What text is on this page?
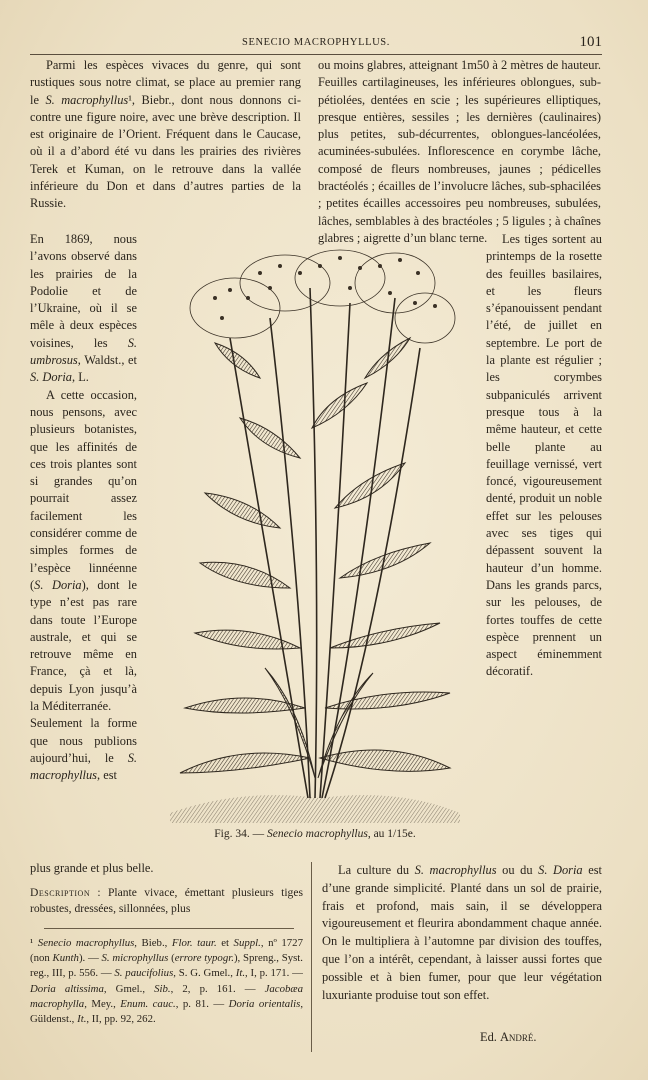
SENECIO MACROPHYLLUS.	101

Parmi les espèces vivaces du genre, qui sont rustiques sous notre climat, se place au premier rang le S. macrophyllus¹, Biebr., dont nous donnons ci-contre une figure noire, avec une brève description. Il est originaire de l’Orient. Fréquent dans le Caucase, où il a d’abord été vu dans les prairies des rivières Terek et Kuman, on le retrouve dans la vallée inférieure du Don et dans d’autres parties de la Russie.

En 1869, nous l’avons observé dans les prairies de la Podolie et de l’Ukraine, où il se mêle à deux espèces voisines, les S. umbrosus, Waldst., et S. Doria, L.

A cette occasion, nous pensons, avec plusieurs botanistes, que les affinités de ces trois plantes sont si grandes qu’on pourrait assez facilement les considérer comme de simples formes de l’espèce linnéenne (S. Doria), dont le type n’est pas rare dans toute l’Europe australe, et qui se retrouve même en France, çà et là, depuis Lyon jusqu’à la Méditerranée.

Seulement la forme que nous publions aujourd’hui, le S. macrophyllus, est

ou moins glabres, atteignant 1m50 à 2 mètres de hauteur. Feuilles cartilagineuses, les inférieures oblongues, sub-pétiolées, dentées en scie ; les supérieures elliptiques, presque entières, sessiles ; les dernières (caulinaires) plus petites, sub-décurrentes, oblongues-lancéolées, acuminées-subulées. Inflorescence en corymbe lâche, composé de fleurs nombreuses, jaunes ; pédicelles bractéolés ; écailles de l’involucre lâches, sub-sphacilées ; petites écailles accessoires peu nombreuses, subulées, lâches, semblables à des bractéoles ; 5 ligules ; à chaînes glabres ; aigrette d’un blanc terne.	Les tiges sortent au printemps de la rosette des feuilles basilaires, et les fleurs s’épanouissent pendant l’été, de juillet en septembre. Le port de la plante est régulier ; les corymbes subpaniculés arrivent presque tous à la même hauteur, et cette belle plante au feuillage vernissé, vert foncé, vigoureusement denté, produit un noble effet sur les pelouses avec ses tiges qui dépassent souvent la hauteur d’un homme. Dans les grands parcs, sur les pelouses, de fortes touffes de cette espèce prennent un aspect éminemment décoratif.

Fig. 34. — Senecio macrophyllus, au 1/15e.
plus grande et plus belle.
Description : Plante vivace, émettant plusieurs tiges robustes, dressées, sillonnées, plus
¹ Senecio macrophyllus, Bieb., Flor. taur. et Suppl., nº 1727 (non Kunth). — S. microphyllus (errore typogr.), Spreng., Syst. reg., III, p. 556. — S. paucifolius, S. G. Gmel., It., I, p. 171. — Doria altissima, Gmel., Sib., 2, p. 161. — Jacobæa macrophylla, Mey., Enum. cauc., p. 81. — Doria orientalis, Güldenst., It., II, pp. 92, 262.

La culture du S. macrophyllus ou du S. Doria est d’une grande simplicité. Planté dans un sol de prairie, frais et profond, mais sain, il se développera vigoureusement et fleurira abondamment chaque année. On le multipliera à l’automne par division des touffes, que l’on a intérêt, cependant, à laisser aussi fortes que possible et à bien fumer, pour que leur végétation luxuriante produise tout son effet.

Ed. André.
